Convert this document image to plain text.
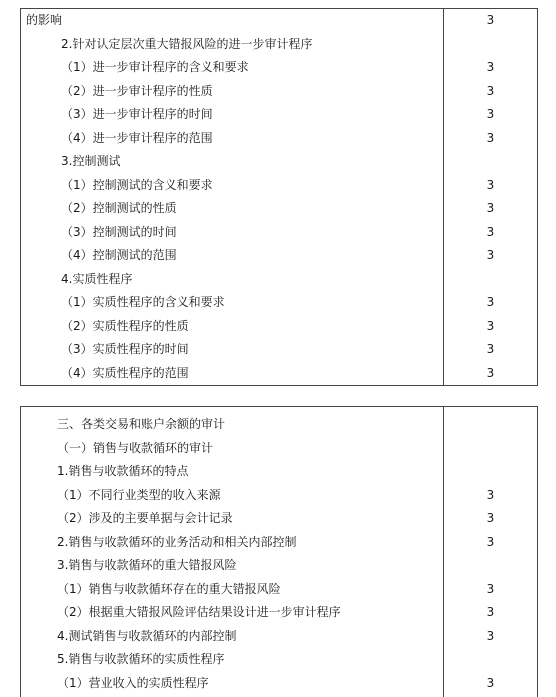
的影响	3
2.针对认定层次重大错报风险的进一步审计程序
（1）进一步审计程序的含义和要求	3
（2）进一步审计程序的性质	3
（3）进一步审计程序的时间	3
（4）进一步审计程序的范围	3
3.控制测试
（1）控制测试的含义和要求	3
（2）控制测试的性质	3
（3）控制测试的时间	3
（4）控制测试的范围	3
4.实质性程序
（1）实质性程序的含义和要求	3
（2）实质性程序的性质	3
（3）实质性程序的时间	3
（4）实质性程序的范围	3
三、各类交易和账户余额的审计
（一）销售与收款循环的审计
1.销售与收款循环的特点
（1）不同行业类型的收入来源	3
（2）涉及的主要单据与会计记录	3
2.销售与收款循环的业务活动和相关内部控制	3
3.销售与收款循环的重大错报风险
（1）销售与收款循环存在的重大错报风险	3
（2）根据重大错报风险评估结果设计进一步审计程序	3
4.测试销售与收款循环的内部控制	3
5.销售与收款循环的实质性程序
（1）营业收入的实质性程序	3
